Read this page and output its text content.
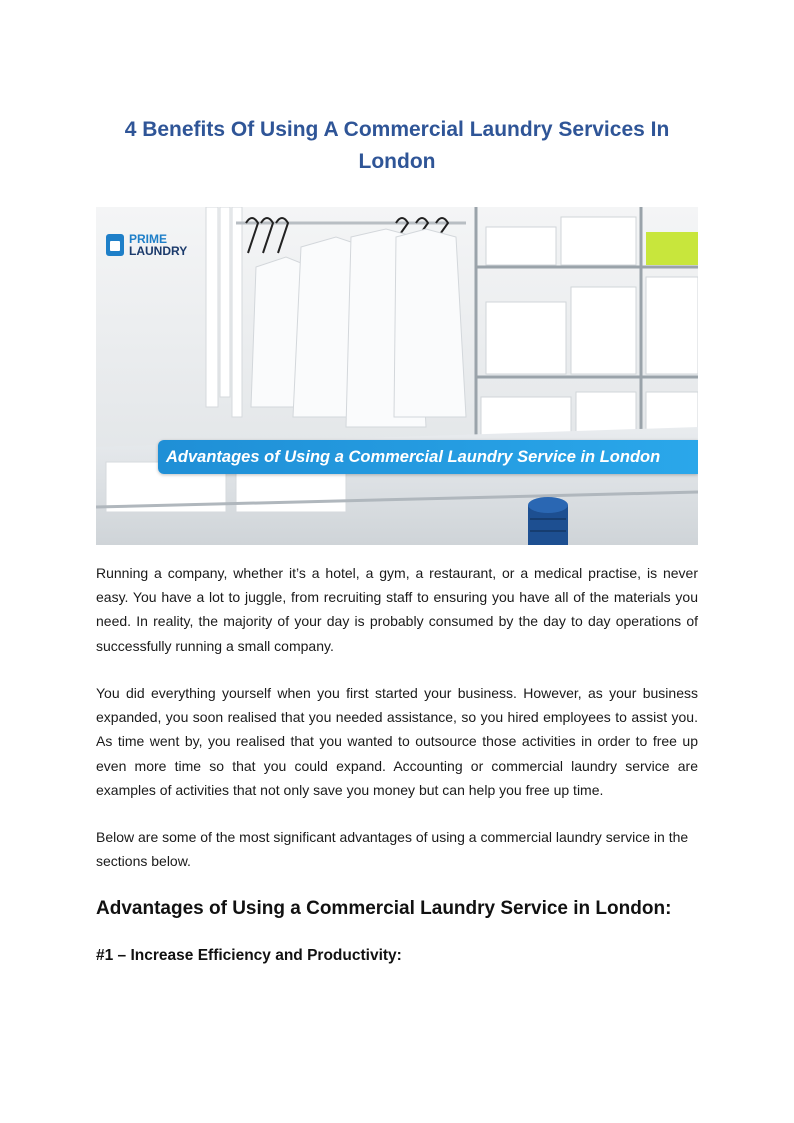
4 Benefits Of Using A Commercial Laundry Services In London
PRIME
LAUNDRY
Advantages of Using a Commercial Laundry Service in London

Running a company, whether it’s a hotel, a gym, a restaurant, or a medical practise, is never easy. You have a lot to juggle, from recruiting staff to ensuring you have all of the materials you need. In reality, the majority of your day is probably consumed by the day to day operations of successfully running a small company.

You did everything yourself when you first started your business. However, as your business expanded, you soon realised that you needed assistance, so you hired employees to assist you. As time went by, you realised that you wanted to outsource those activities in order to free up even more time so that you could expand. Accounting or commercial laundry service are examples of activities that not only save you money but can help you free up time.

Below are some of the most significant advantages of using a commercial laundry service in the sections below.

Advantages of Using a Commercial Laundry Service in London:
#1 – Increase Efficiency and Productivity:
